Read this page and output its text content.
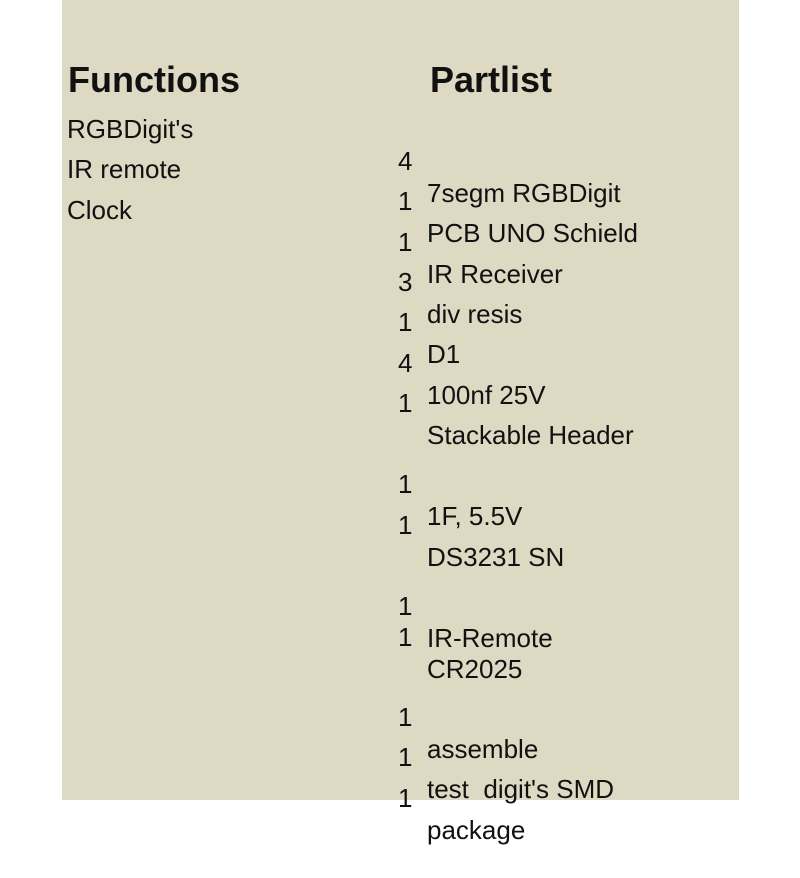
Functions	Partlist
RGBDigit's
IR remote
Clock

4

7segm RGBDigit

1

PCB UNO Schield

1

IR Receiver

3

div resis

1

D1

4

100nf 25V

1

Stackable Header

1

1F, 5.5V

1

DS3231 SN

1

IR-Remote

1

CR2025

1

assemble

1

test  digit's SMD

1

package
